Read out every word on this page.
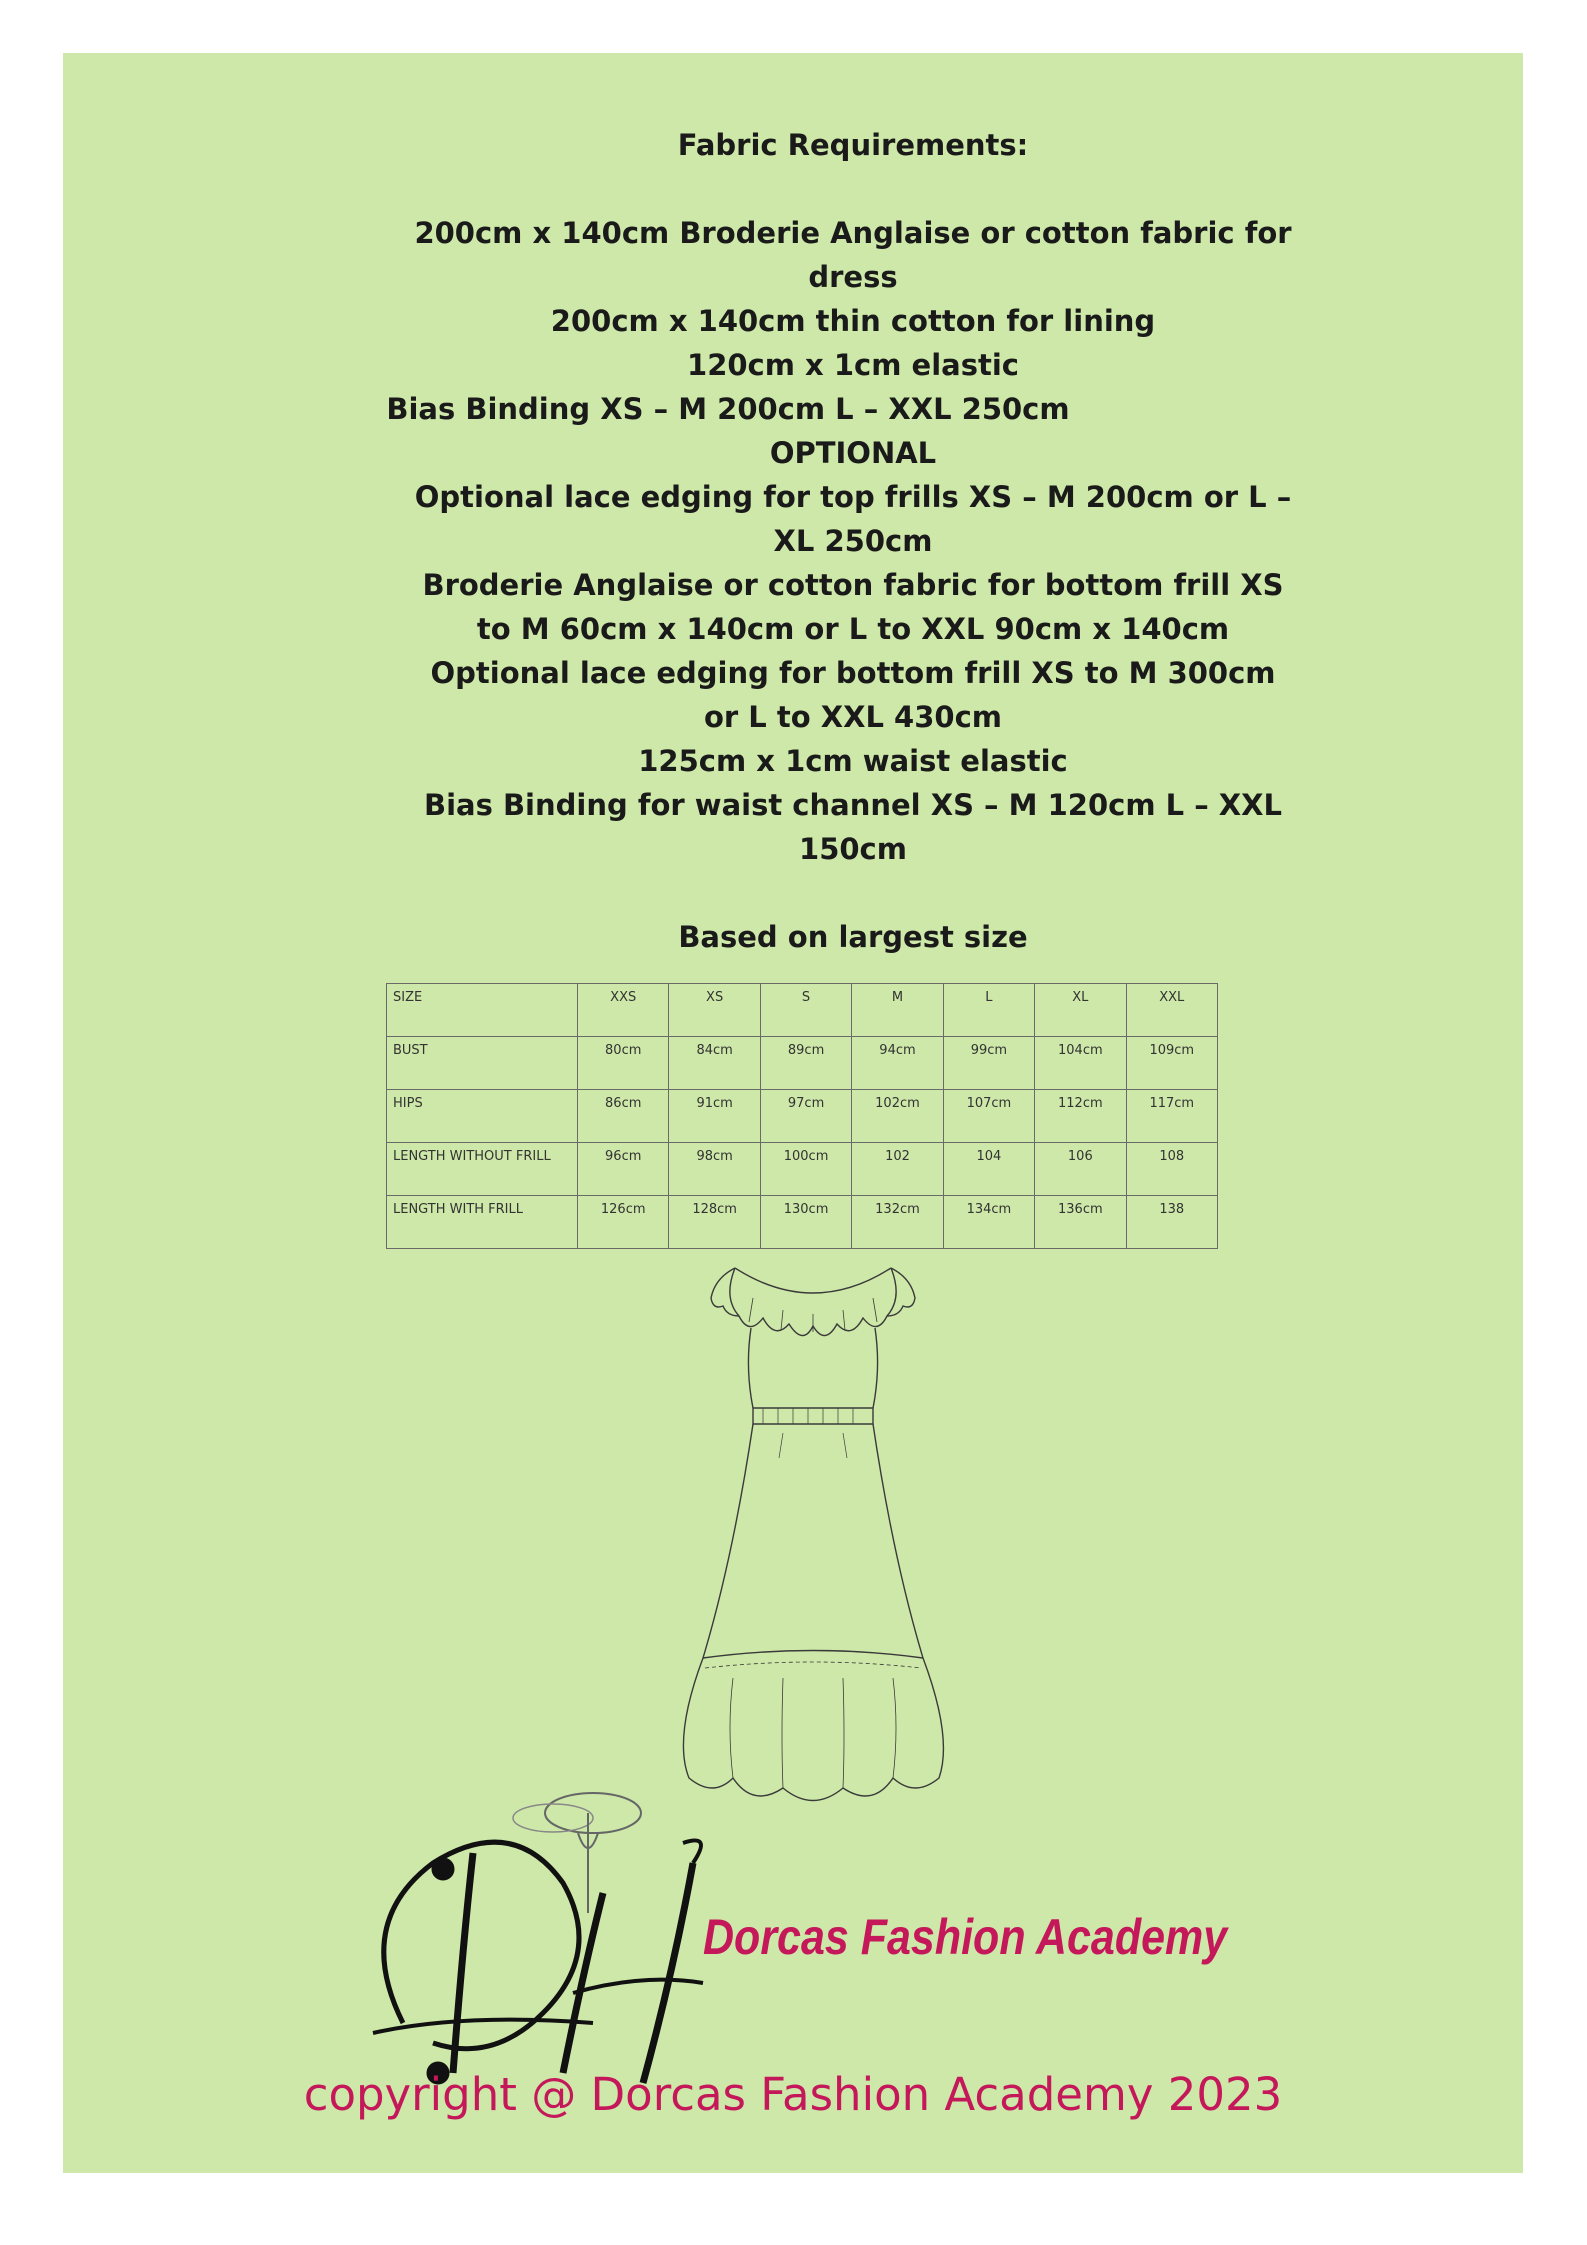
Fabric Requirements:
200cm x 140cm Broderie Anglaise or cotton fabric for
dress
200cm x 140cm thin cotton for lining
120cm x 1cm elastic
Bias Binding XS – M 200cm L – XXL 250cm
OPTIONAL
Optional lace edging for top frills XS – M 200cm or L –
XL 250cm
Broderie Anglaise or cotton fabric for bottom frill XS
to M 60cm x 140cm or L to XXL 90cm x 140cm
Optional lace edging for bottom frill XS to M 300cm
or L to XXL 430cm
125cm x 1cm waist elastic
Bias Binding for waist channel XS – M 120cm L – XXL
150cm
Based on largest size
SIZE	XXS	XS	S	M	L	XL	XXL
BUST	80cm	84cm	89cm	94cm	99cm	104cm	109cm
HIPS	86cm	91cm	97cm	102cm	107cm	112cm	117cm
LENGTH WITHOUT FRILL	96cm	98cm	100cm	102	104	106	108
LENGTH WITH FRILL	126cm	128cm	130cm	132cm	134cm	136cm	138
Dorcas Fashion Academy
copyright @ Dorcas Fashion Academy 2023
